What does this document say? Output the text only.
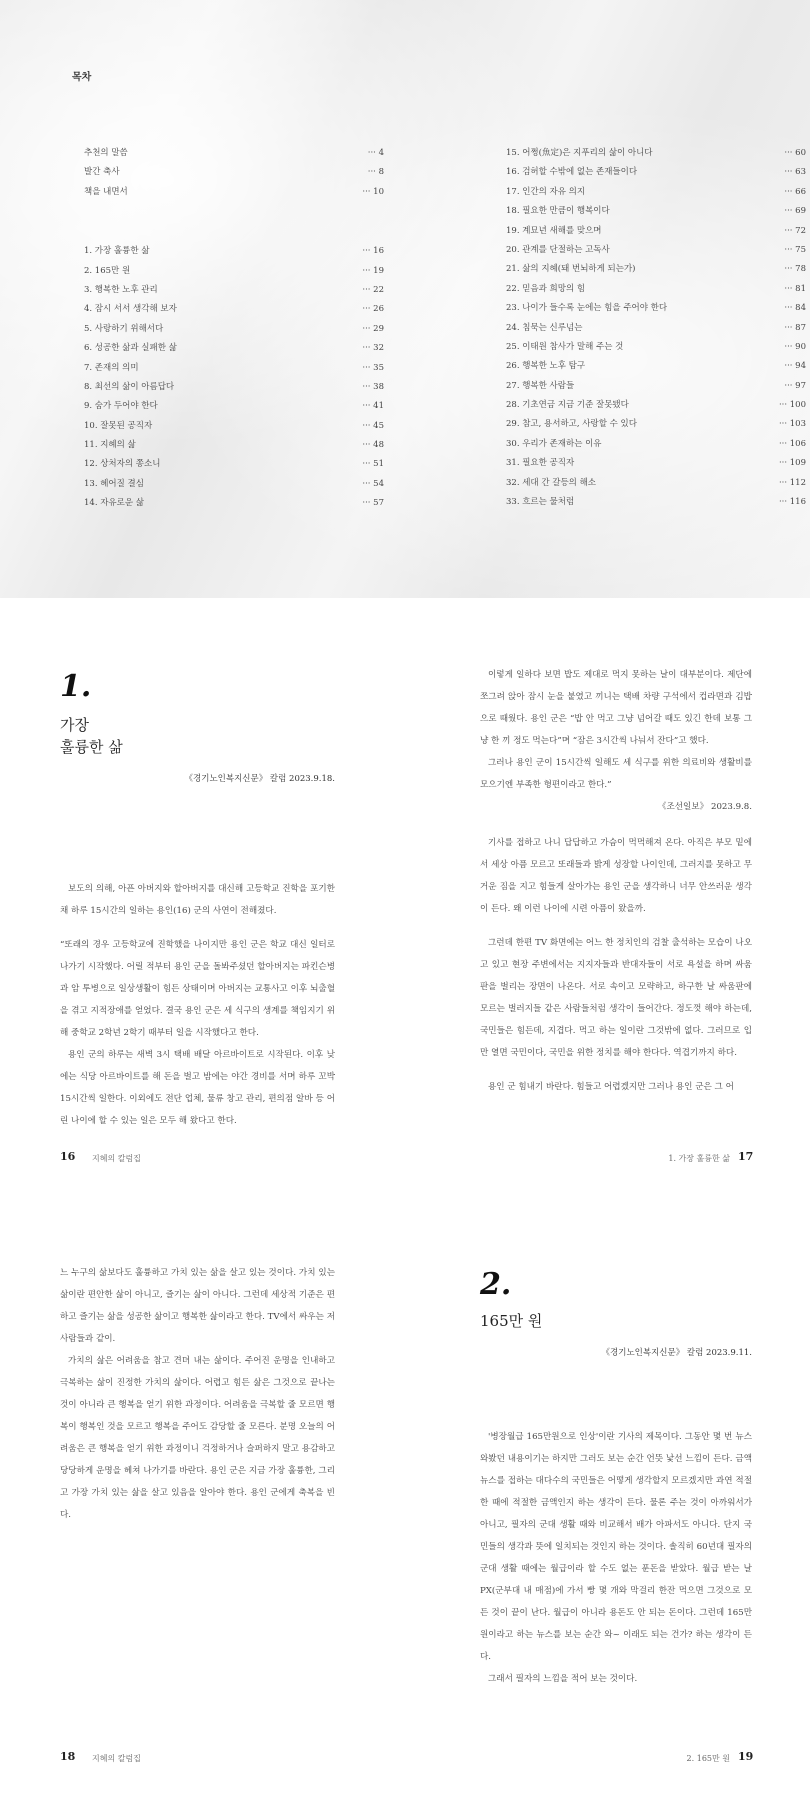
목차
추천의 말씀	··· 4
발간 축사	··· 8
책을 내면서	··· 10
1. 가장 훌륭한 삶	··· 16
2. 165만 원	··· 19
3. 행복한 노후 관리	··· 22
4. 잠시 서서 생각해 보자	··· 26
5. 사랑하기 위해서다	··· 29
6. 성공한 삶과 실패한 삶	··· 32
7. 존재의 의미	··· 35
8. 최선의 삶이 아름답다	··· 38
9. 숨가 두어야 한다	··· 41
10. 잘못된 공직자	··· 45
11. 지혜의 삶	··· 48
12. 상처자의 쫑소니	··· 51
13. 헤어질 결심	··· 54
14. 자유로운 삶	··· 57
15. 어쩡(魚定)은 지푸리의 삶이 아니다	··· 60
16. 검허할 수밖에 없는 존재들이다	··· 63
17. 인간의 자유 의지	··· 66
18. 필요한 만큼이 행복이다	··· 69
19. 계묘년 새해를 맞으며	··· 72
20. 관계를 단절하는 고독사	··· 75
21. 삶의 지혜(돼 번뇌하게 되는가)	··· 78
22. 믿음과 희망의 힘	··· 81
23. 나이가 들수록 눈에는 힘을 주어야 한다	··· 84
24. 침묵는 신루넘는	··· 87
25. 이태원 참사가 말해 주는 것	··· 90
26. 행복한 노후 탐구	··· 94
27. 행복한 사람들	··· 97
28. 기초연금 지금 기준 잘못됐다	··· 100
29. 참고, 용서하고, 사랑할 수 있다	··· 103
30. 우리가 존재하는 이유	··· 106
31. 필요한 공직자	··· 109
32. 세대 간 갈등의 해소	··· 112
33. 흐르는 물처럼	··· 116
1.
가장
훌륭한 삶
《경기노인복지신문》 칼럼 2023.9.18.

보도의 의해, 아픈 아버지와 할아버지를 대신해 고등학교 진학을 포기한 채 하루 15시간의 일하는 용인(16) 군의 사연이 전해졌다.

“또래의 경우 고등학교에 진학했을 나이지만 용인 군은 학교 대신 일터로 나가기 시작했다. 어릴 적부터 용인 군을 돌봐주셨던 할아버지는 파킨슨병과 암 투병으로 일상생활이 힘든 상태이며 아버지는 교통사고 이후 뇌출혈을 겪고 지적장애를 얻었다. 결국 용인 군은 세 식구의 생계를 책임지기 위해 중학교 2학년 2학기 때부터 일을 시작했다고 한다.

용인 군의 하루는 새벽 3시 택배 배달 아르바이트로 시작된다. 이후 낮에는 식당 아르바이트를 해 돈을 벌고 밤에는 야간 경비를 서며 하루 꼬박 15시간씩 일한다. 이외에도 전단 업체, 물류 창고 관리, 편의점 알바 등 어린 나이에 할 수 있는 일은 모두 해 왔다고 한다.

16 지혜의 칼럼집

이렇게 일하다 보면 밥도 제대로 먹지 못하는 날이 대부분이다. 제단에 쪼그려 앉아 잠시 눈을 붙였고 끼니는 택배 차량 구석에서 컵라면과 김밥으로 때웠다. 용인 군은 “밥 안 먹고 그냥 넘어갈 때도 있긴 한데 보통 그냥 한 끼 정도 먹는다”며 “잠은 3시간씩 나눠서 잔다”고 했다.

그러나 용인 군이 15시간씩 일해도 세 식구를 위한 의료비와 생활비를 모으기엔 부족한 형편이라고 한다.”

《조선일보》 2023.9.8.

기사를 접하고 나니 답답하고 가슴이 먹먹해져 온다. 아직은 부모 밑에서 세상 아픔 모르고 또래들과 밝게 성장할 나이인데, 그러지를 못하고 무거운 짐을 지고 힘들게 살아가는 용인 군을 생각하니 너무 안쓰러운 생각이 든다. 왜 이런 나이에 시련 아픔이 왔을까.

그런데 한편 TV 화면에는 어느 한 정치인의 검찰 출석하는 모습이 나오고 있고 현장 주변에서는 지지자들과 반대자들이 서로 욕설을 하며 싸움판을 벌리는 장면이 나온다. 서로 속이고 모략하고, 하구한 날 싸움판에 모르는 벌러지들 같은 사람들처럼 생각이 들어간다. 정도껏 해야 하는데, 국민들은 힘든데, 지겹다. 먹고 하는 일이란 그것밖에 없다. 그러므로 입만 열면 국민이다, 국민을 위한 정치를 해야 한다다. 역겹기까지 하다.

용인 군 힘내기 바란다. 힘들고 어렵겠지만 그러나 용인 군은 그 어

1. 가장 훌륭한 삶 17

느 누구의 삶보다도 훌륭하고 가치 있는 삶을 살고 있는 것이다. 가치 있는 삶이란 편안한 삶이 아니고, 즐기는 삶이 아니다. 그런데 세상적 기준은 편하고 즐기는 삶을 성공한 삶이고 행복한 삶이라고 한다. TV에서 싸우는 저 사람들과 같이.

가치의 삶은 어려움을 참고 견뎌 내는 삶이다. 주어진 운명을 인내하고 극복하는 삶이 진정한 가치의 삶이다. 어렵고 힘든 삶은 그것으로 끝나는 것이 아니라 큰 행복을 얻기 위한 과정이다. 어려움을 극복할 줄 모르면 행복이 행복인 것을 모르고 행복을 주어도 감당할 줄 모른다. 분명 오늘의 어려움은 큰 행복을 얻기 위한 과정이니 걱정하거나 슬퍼하지 말고 용감하고 당당하게 운명을 헤쳐 나가기를 바란다. 용인 군은 지금 가장 훌륭한, 그리고 가장 가치 있는 삶을 살고 있음을 알아야 한다. 용인 군에게 축복을 빈다.

18 지혜의 칼럼집
2.
165만 원
《경기노인복지신문》 칼럼 2023.9.11.

'병장월급 165만원으로 인상'이란 기사의 제목이다. 그동안 몇 번 뉴스와봤던 내용이기는 하지만 그러도 보는 순간 언뜻 낯선 느낌이 든다. 금액 뉴스를 접하는 대다수의 국민들은 어떻게 생각할지 모르겠지만 과연 적절한 때에 적절한 금액인지 하는 생각이 든다. 물론 주는 것이 아까워서가 아니고, 필자의 군대 생활 때와 비교해서 배가 아파서도 아니다. 단지 국민들의 생각과 뜻에 일치되는 것인지 하는 것이다. 솔직히 60년대 필자의 군대 생활 때에는 월급이라 할 수도 없는 푼돈을 받았다. 월급 받는 날 PX(군부대 내 매점)에 가서 빵 몇 개와 막걸리 한잔 먹으면 그것으로 모든 것이 끝이 난다. 월급이 아니라 용돈도 안 되는 돈이다. 그런데 165만 원이라고 하는 뉴스를 보는 순간 와~ 이래도 되는 건가? 하는 생각이 든다.

그래서 필자의 느낌을 적어 보는 것이다.

2. 165만 원 19
